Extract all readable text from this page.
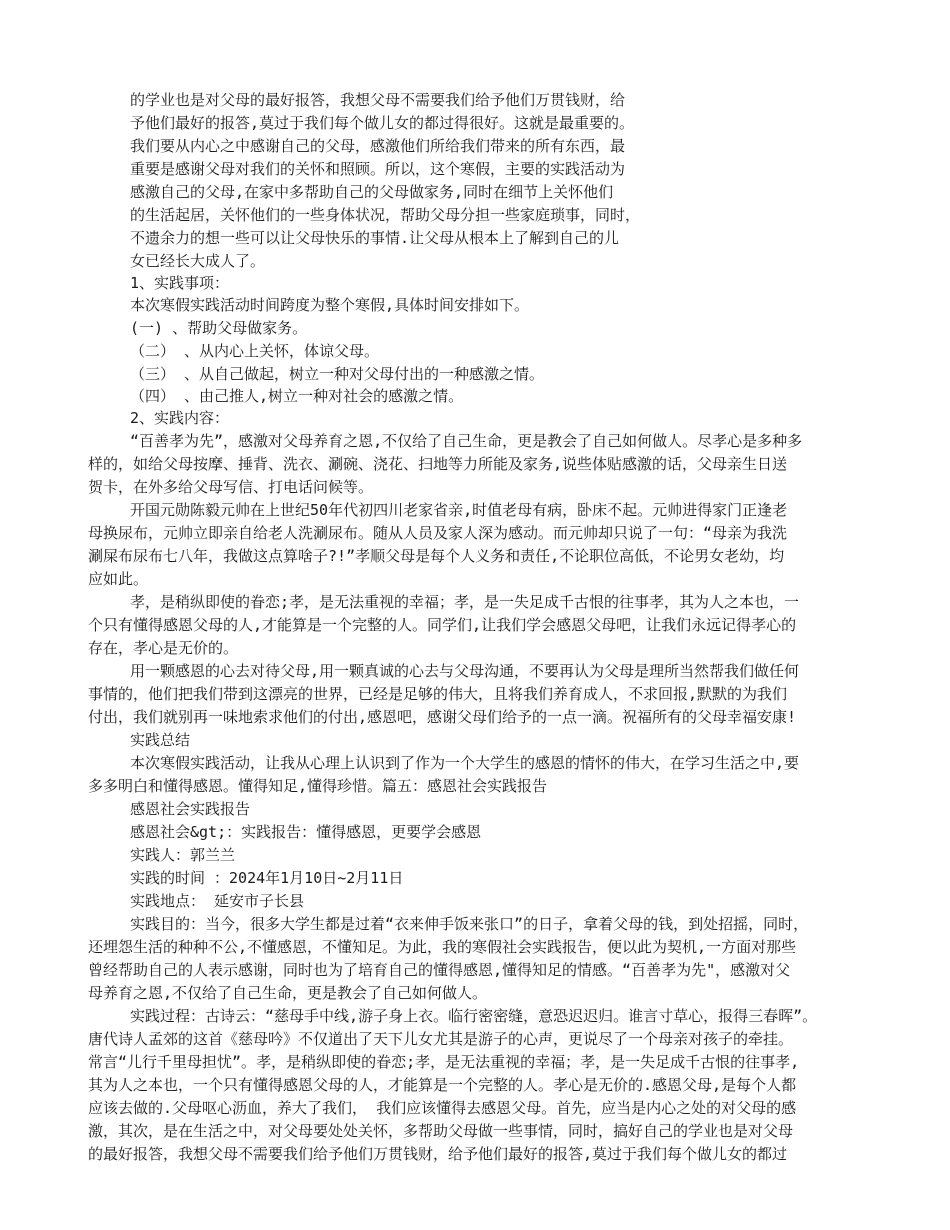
的学业也是对父母的最好报答，我想父母不需要我们给予他们万贯钱财，给
予他们最好的报答,莫过于我们每个做儿女的都过得很好。这就是最重要的。
我们要从内心之中感谢自己的父母，感激他们所给我们带来的所有东西，最
重要是感谢父母对我们的关怀和照顾。所以，这个寒假，主要的实践活动为
感激自己的父母,在家中多帮助自己的父母做家务,同时在细节上关怀他们
的生活起居，关怀他们的一些身体状况，帮助父母分担一些家庭琐事，同时，
不遗余力的想一些可以让父母快乐的事情.让父母从根本上了解到自己的儿
女已经长大成人了。
1、实践事项：
本次寒假实践活动时间跨度为整个寒假,具体时间安排如下。
(一) 、帮助父母做家务。
（二） 、从内心上关怀，体谅父母。
（三） 、从自己做起，树立一种对父母付出的一种感激之情。
（四） 、由己推人,树立一种对社会的感激之情。
2、实践内容：
“百善孝为先”，感激对父母养育之恩,不仅给了自己生命，更是教会了自己如何做人。尽孝心是多种多
样的，如给父母按摩、捶背、洗衣、涮碗、浇花、扫地等力所能及家务,说些体贴感激的话，父母亲生日送
贺卡，在外多给父母写信、打电话问候等。
开国元勋陈毅元帅在上世纪50年代初四川老家省亲,时值老母有病，卧床不起。元帅进得家门正逢老
母换尿布，元帅立即亲自给老人洗涮尿布。随从人员及家人深为感动。而元帅却只说了一句：“母亲为我洗
涮屎布尿布七八年，我做这点算啥子?!”孝顺父母是每个人义务和责任,不论职位高低，不论男女老幼，均
应如此。
孝，是稍纵即使的眷恋;孝，是无法重视的幸福；孝，是一失足成千古恨的往事孝，其为人之本也，一
个只有懂得感恩父母的人,才能算是一个完整的人。同学们,让我们学会感恩父母吧，让我们永远记得孝心的
存在，孝心是无价的。
用一颗感恩的心去对待父母,用一颗真诚的心去与父母沟通，不要再认为父母是理所当然帮我们做任何
事情的，他们把我们带到这漂亮的世界，已经是足够的伟大，且将我们养育成人，不求回报,默默的为我们
付出，我们就别再一味地索求他们的付出,感恩吧，感谢父母们给予的一点一滴。祝福所有的父母幸福安康!
实践总结
本次寒假实践活动，让我从心理上认识到了作为一个大学生的感恩的情怀的伟大，在学习生活之中,要
多多明白和懂得感恩。懂得知足,懂得珍惜。篇五：感恩社会实践报告
感恩社会实践报告
感恩社会&gt;：实践报告：懂得感恩，更要学会感恩
实践人：郭兰兰
实践的时间 ：2024年1月10日~2月11日
实践地点： 延安市子长县
实践目的：当今，很多大学生都是过着“衣来伸手饭来张口”的日子，拿着父母的钱，到处招摇，同时，
还埋怨生活的种种不公,不懂感恩，不懂知足。为此，我的寒假社会实践报告，便以此为契机,一方面对那些
曾经帮助自己的人表示感谢，同时也为了培育自己的懂得感恩,懂得知足的情感。“百善孝为先"，感激对父
母养育之恩,不仅给了自己生命，更是教会了自己如何做人。
实践过程：古诗云：“慈母手中线,游子身上衣。临行密密缝，意恐迟迟归。谁言寸草心，报得三春晖”。
唐代诗人孟郊的这首《慈母吟》不仅道出了天下儿女尤其是游子的心声，更说尽了一个母亲对孩子的牵挂。
常言“儿行千里母担忧”。孝，是稍纵即使的眷恋;孝，是无法重视的幸福；孝，是一失足成千古恨的往事孝,
其为人之本也，一个只有懂得感恩父母的人，才能算是一个完整的人。孝心是无价的.感恩父母,是每个人都
应该去做的.父母呕心沥血，养大了我们， 我们应该懂得去感恩父母。首先，应当是内心之处的对父母的感
激，其次，是在生活之中，对父母要处处关怀，多帮助父母做一些事情，同时，搞好自己的学业也是对父母
的最好报答，我想父母不需要我们给予他们万贯钱财，给予他们最好的报答,莫过于我们每个做儿女的都过
